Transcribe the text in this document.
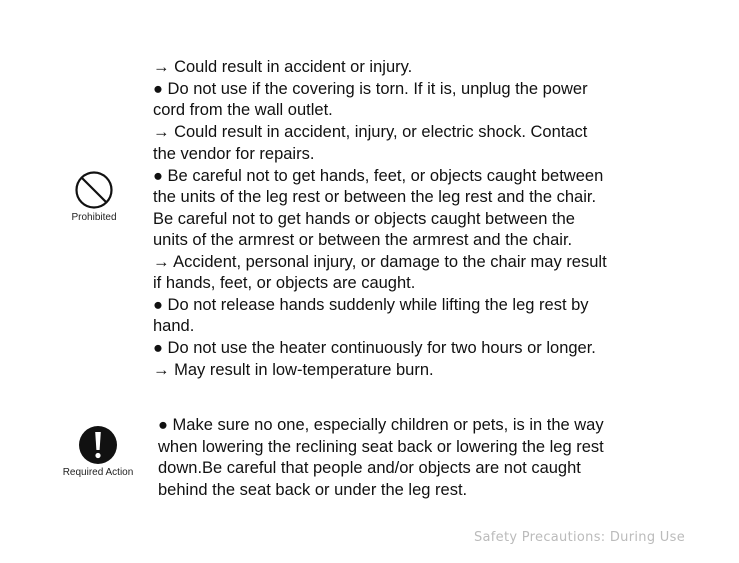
Prohibited
→ Could result in accident or injury.
● Do not use if the covering is torn. If it is, unplug the power
cord from the wall outlet.
→ Could result in accident, injury, or electric shock. Contact
the vendor for repairs.
● Be careful not to get hands, feet, or objects caught between
the units of the leg rest or between the leg rest and the chair.
Be careful not to get hands or objects caught between the
units of the armrest or between the armrest and the chair.
→ Accident, personal injury, or damage to the chair may result
if hands, feet, or objects are caught.
● Do not release hands suddenly while lifting the leg rest by
hand.
● Do not use the heater continuously for two hours or longer.
→ May result in low-temperature burn.
Required Action
● Make sure no one, especially children or pets, is in the way
when lowering the reclining seat back or lowering the leg rest
down.Be careful that people and/or objects are not caught
behind the seat back or under the leg rest.
Safety Precautions: During Use
